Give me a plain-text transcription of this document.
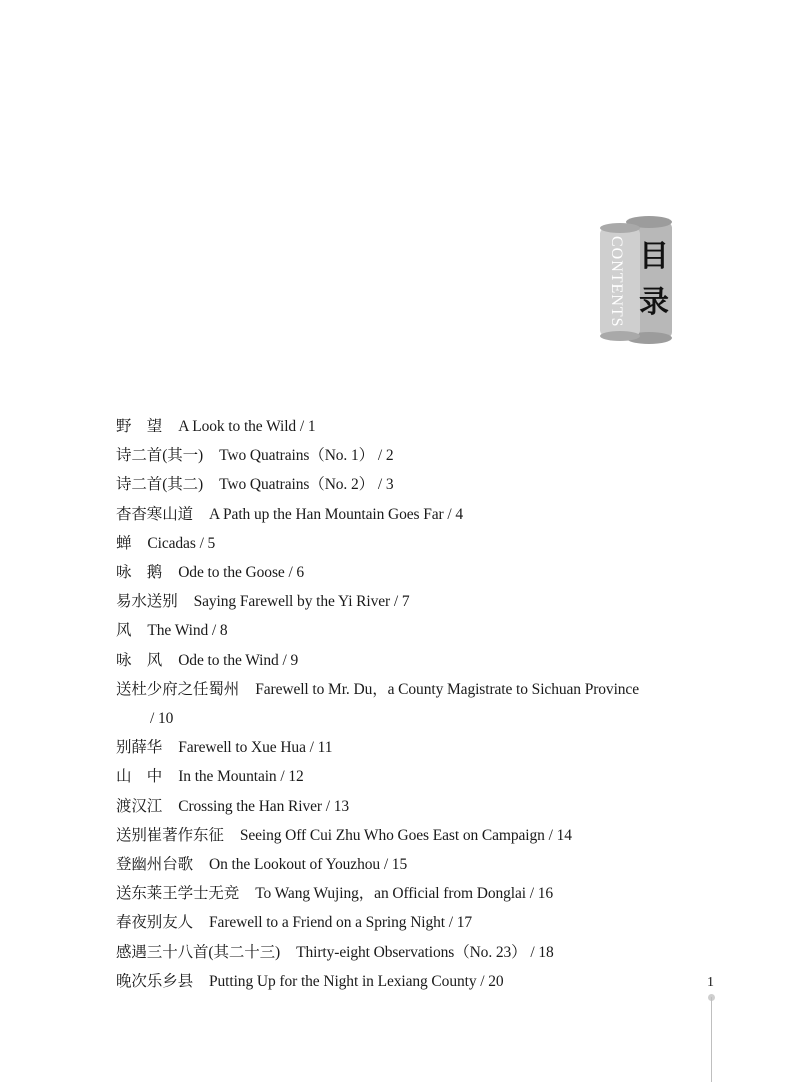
CONTENTS 目
录
野　望 A Look to the Wild / 1
诗二首(其一) Two Quatrains（No. 1） / 2
诗二首(其二) Two Quatrains（No. 2） / 3
杳杳寒山道 A Path up the Han Mountain Goes Far / 4
蝉 Cicadas / 5
咏　鹅 Ode to the Goose / 6
易水送别 Saying Farewell by the Yi River / 7
风 The Wind / 8
咏　风 Ode to the Wind / 9
送杜少府之任蜀州 Farewell to Mr. Du，a County Magistrate to Sichuan Province
/ 10
别薛华 Farewell to Xue Hua / 11
山　中 In the Mountain / 12
渡汉江 Crossing the Han River / 13
送别崔著作东征 Seeing Off Cui Zhu Who Goes East on Campaign / 14
登幽州台歌 On the Lookout of Youzhou / 15
送东莱王学士无竞 To Wang Wujing，an Official from Donglai / 16
春夜别友人 Farewell to a Friend on a Spring Night / 17
感遇三十八首(其二十三) Thirty-eight Observations（No. 23） / 18
晚次乐乡县 Putting Up for the Night in Lexiang County / 20	1
